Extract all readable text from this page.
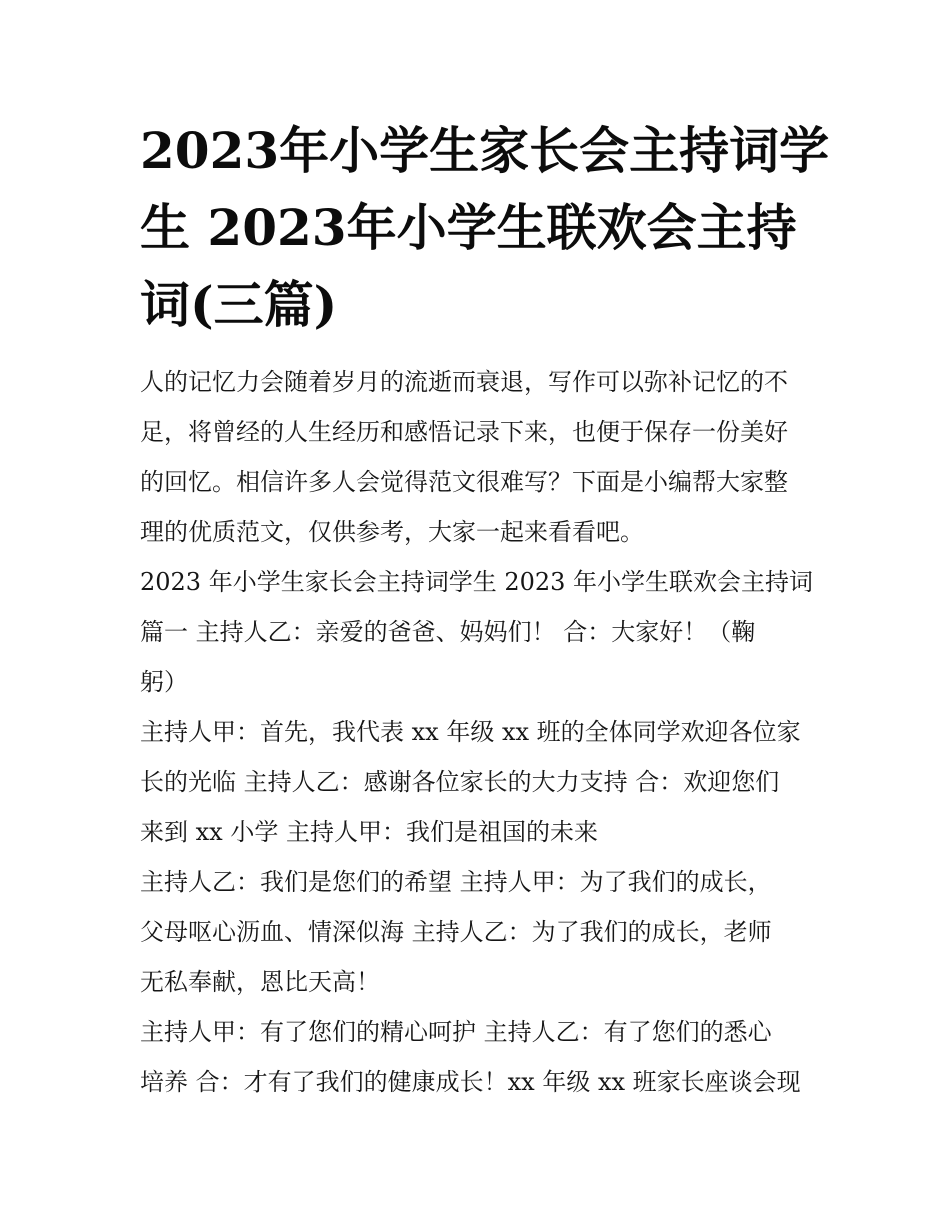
2023年小学生家长会主持词学
生 2023年小学生联欢会主持
词(三篇)
人的记忆力会随着岁月的流逝而衰退，写作可以弥补记忆的不
足，将曾经的人生经历和感悟记录下来，也便于保存一份美好
的回忆。相信许多人会觉得范文很难写？下面是小编帮大家整
理的优质范文，仅供参考，大家一起来看看吧。
2023 年小学生家长会主持词学生 2023 年小学生联欢会主持词
篇一 主持人乙：亲爱的爸爸、妈妈们！ 合：大家好！（鞠
躬）
主持人甲：首先，我代表 xx 年级 xx 班的全体同学欢迎各位家
长的光临 主持人乙：感谢各位家长的大力支持 合：欢迎您们
来到 xx 小学 主持人甲：我们是祖国的未来
主持人乙：我们是您们的希望 主持人甲：为了我们的成长，
父母呕心沥血、情深似海 主持人乙：为了我们的成长，老师
无私奉献，恩比天高！
主持人甲：有了您们的精心呵护 主持人乙：有了您们的悉心
培养 合：才有了我们的健康成长！xx 年级 xx 班家长座谈会现
